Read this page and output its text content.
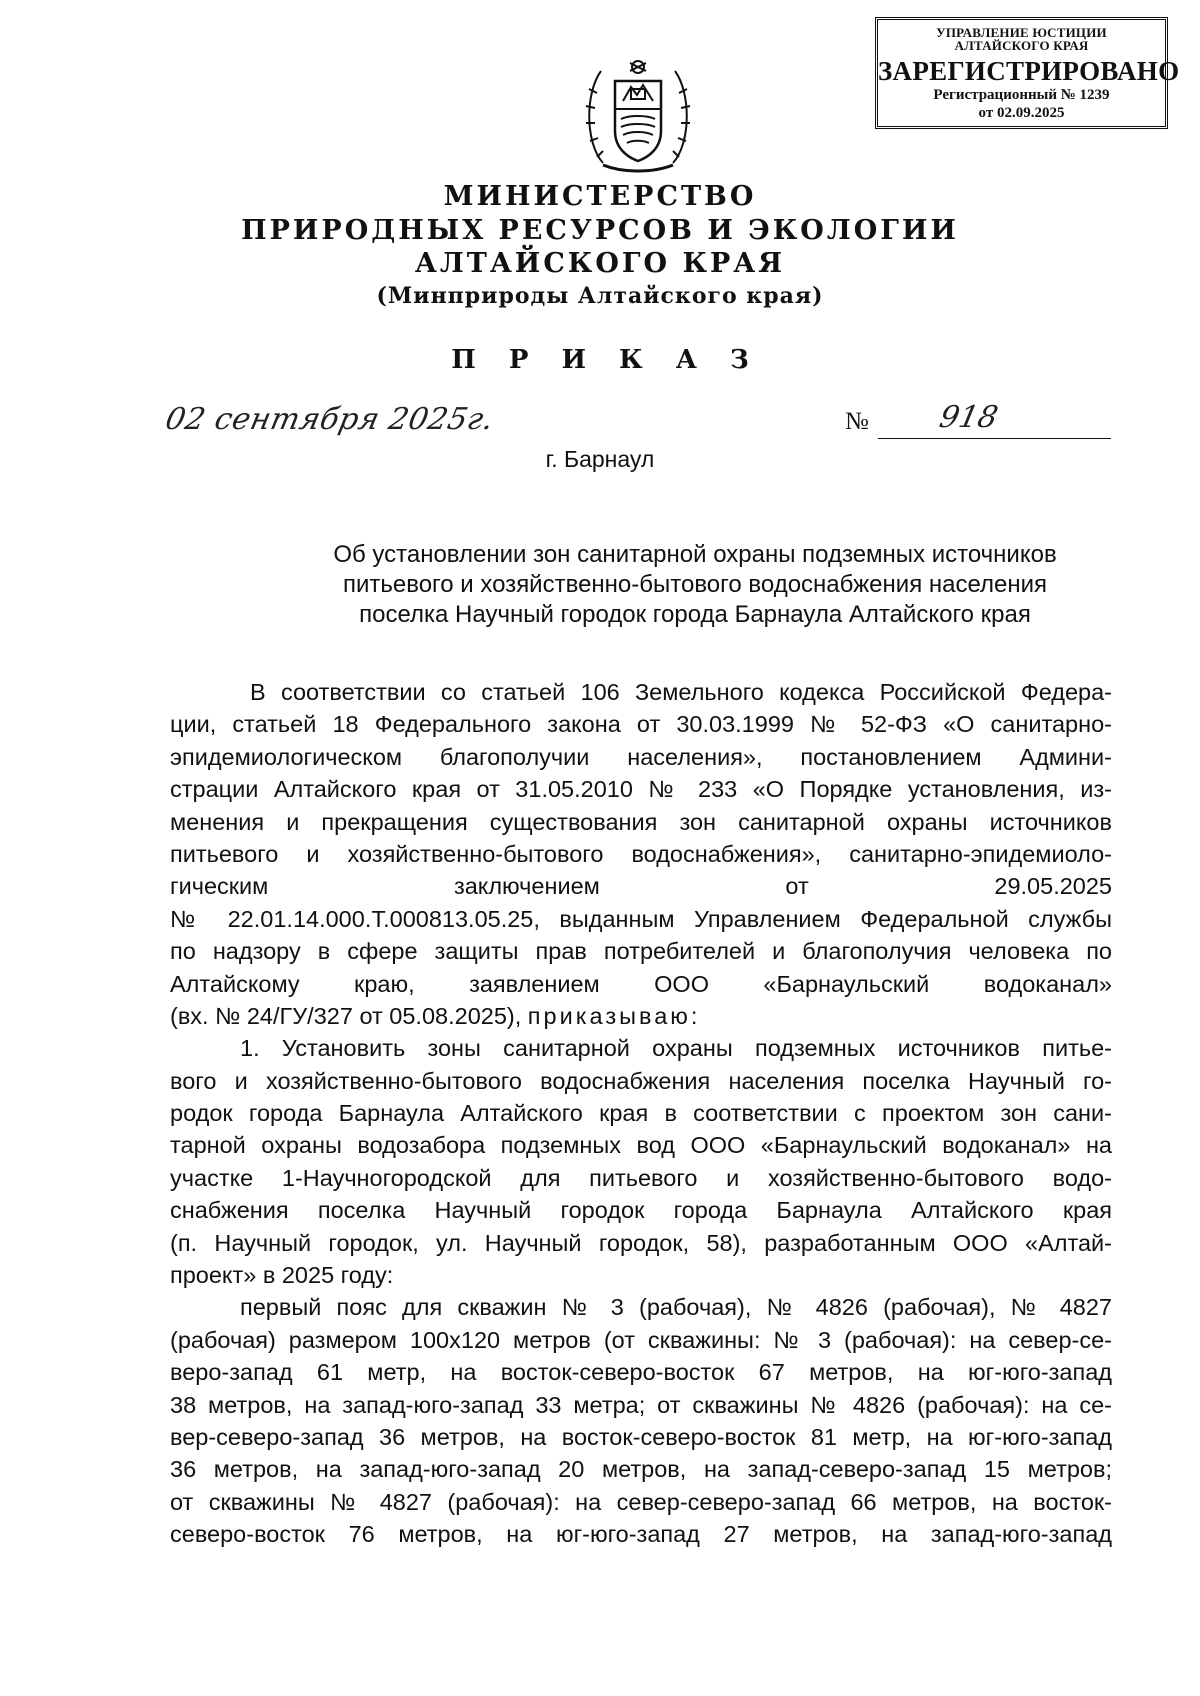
УПРАВЛЕНИЕ ЮСТИЦИИ
АЛТАЙСКОГО КРАЯ
ЗАРЕГИСТРИРОВАНО
Регистрационный № 1239
от 02.09.2025
МИНИСТЕРСТВО
ПРИРОДНЫХ РЕСУРСОВ И ЭКОЛОГИИ
АЛТАЙСКОГО КРАЯ
(Минприроды Алтайского края)
П Р И К А З
02 сентября 2025г.	№ 918
г. Барнаул
Об установлении зон санитарной охраны подземных источников
питьевого и хозяйственно-бытового водоснабжения населения
поселка Научный городок города Барнаула Алтайского края
В соответствии со статьей 106 Земельного кодекса Российской Федера-
ции, статьей 18 Федерального закона от 30.03.1999 № 52-ФЗ «О санитарно-
эпидемиологическом благополучии населения», постановлением Админи-
страции Алтайского края от 31.05.2010 № 233 «О Порядке установления, из-
менения и прекращения существования зон санитарной охраны источников
питьевого и хозяйственно-бытового водоснабжения», санитарно-эпидемиоло-
гическим заключением от 29.05.2025
№ 22.01.14.000.Т.000813.05.25, выданным Управлением Федеральной службы
по надзору в сфере защиты прав потребителей и благополучия человека по
Алтайскому краю, заявлением ООО «Барнаульский водоканал»
(вх. № 24/ГУ/327 от 05.08.2025), приказываю:
1. Установить зоны санитарной охраны подземных источников питье-
вого и хозяйственно-бытового водоснабжения населения поселка Научный го-
родок города Барнаула Алтайского края в соответствии с проектом зон сани-
тарной охраны водозабора подземных вод ООО «Барнаульский водоканал» на
участке 1-Научногородской для питьевого и хозяйственно-бытового водо-
снабжения поселка Научный городок города Барнаула Алтайского края
(п. Научный городок, ул. Научный городок, 58), разработанным ООО «Алтай-
проект» в 2025 году:
первый пояс для скважин № 3 (рабочая), № 4826 (рабочая), № 4827
(рабочая) размером 100х120 метров (от скважины: № 3 (рабочая): на север-се-
веро-запад 61 метр, на восток-северо-восток 67 метров, на юг-юго-запад
38 метров, на запад-юго-запад 33 метра; от скважины № 4826 (рабочая): на се-
вер-северо-запад 36 метров, на восток-северо-восток 81 метр, на юг-юго-запад
36 метров, на запад-юго-запад 20 метров, на запад-северо-запад 15 метров;
от скважины № 4827 (рабочая): на север-северо-запад 66 метров, на восток-
северо-восток 76 метров, на юг-юго-запад 27 метров, на запад-юго-запад
